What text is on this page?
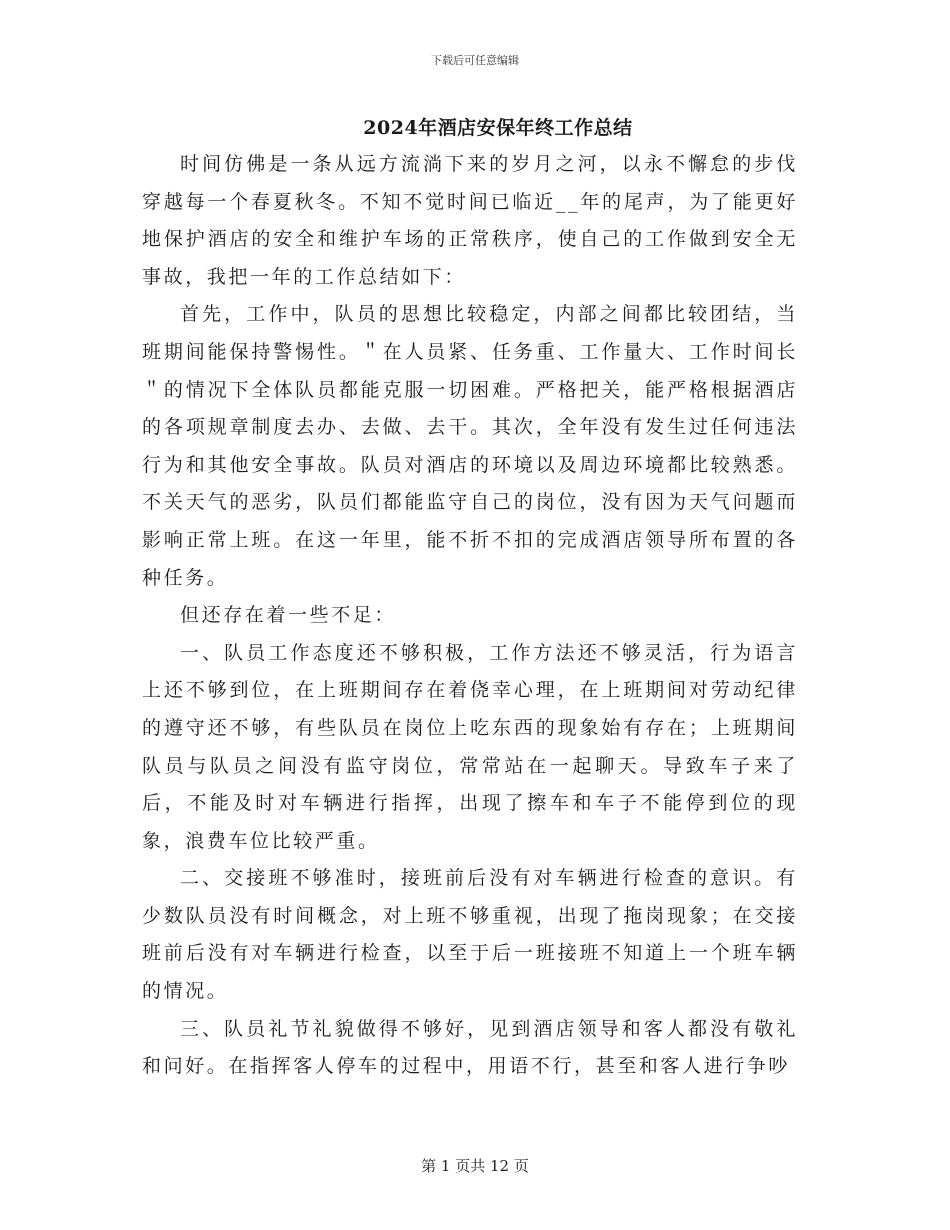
下载后可任意编辑
2024年酒店安保年终工作总结

时间仿佛是一条从远方流淌下来的岁月之河，以永不懈怠的步伐穿越每一个春夏秋冬。不知不觉时间已临近__年的尾声，为了能更好地保护酒店的安全和维护车场的正常秩序，使自己的工作做到安全无事故，我把一年的工作总结如下：

首先，工作中，队员的思想比较稳定，内部之间都比较团结，当班期间能保持警惕性。＂在人员紧、任务重、工作量大、工作时间长＂的情况下全体队员都能克服一切困难。严格把关，能严格根据酒店的各项规章制度去办、去做、去干。其次，全年没有发生过任何违法行为和其他安全事故。队员对酒店的环境以及周边环境都比较熟悉。不关天气的恶劣，队员们都能监守自己的岗位，没有因为天气问题而影响正常上班。在这一年里，能不折不扣的完成酒店领导所布置的各种任务。

但还存在着一些不足：

一、队员工作态度还不够积极，工作方法还不够灵活，行为语言上还不够到位，在上班期间存在着侥幸心理，在上班期间对劳动纪律的遵守还不够，有些队员在岗位上吃东西的现象始有存在；上班期间队员与队员之间没有监守岗位，常常站在一起聊天。导致车子来了后，不能及时对车辆进行指挥，出现了擦车和车子不能停到位的现象，浪费车位比较严重。

二、交接班不够准时，接班前后没有对车辆进行检查的意识。有少数队员没有时间概念，对上班不够重视，出现了拖岗现象；在交接班前后没有对车辆进行检查，以至于后一班接班不知道上一个班车辆的情况。

三、队员礼节礼貌做得不够好，见到酒店领导和客人都没有敬礼和问好。在指挥客人停车的过程中，用语不行，甚至和客人进行争吵

第 1 页共 12 页
